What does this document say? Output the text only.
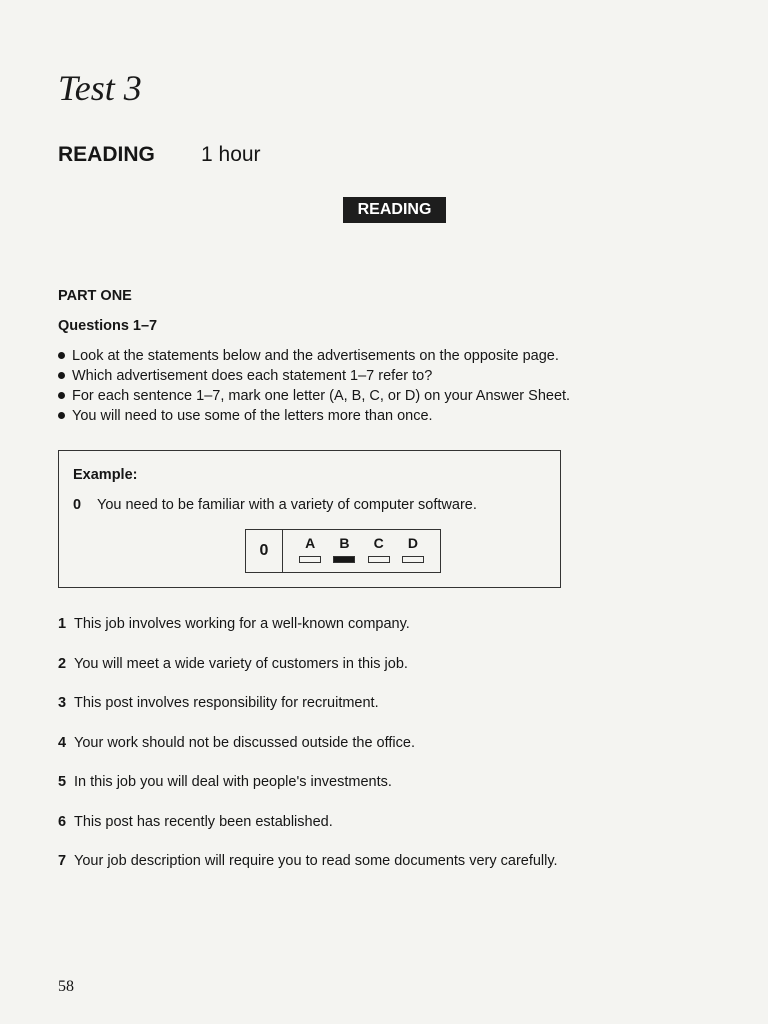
Test 3
READING 1 hour
READING
PART ONE
Questions 1–7
Look at the statements below and the advertisements on the opposite page.
Which advertisement does each statement 1–7 refer to?
For each sentence 1–7, mark one letter (A, B, C, or D) on your Answer Sheet.
You will need to use some of the letters more than once.
Example:
0 You need to be familiar with a variety of computer software.
0	A B C D
1 This job involves working for a well-known company.
2 You will meet a wide variety of customers in this job.
3 This post involves responsibility for recruitment.
4 Your work should not be discussed outside the office.
5 In this job you will deal with people's investments.
6 This post has recently been established.
7 Your job description will require you to read some documents very carefully.
58
